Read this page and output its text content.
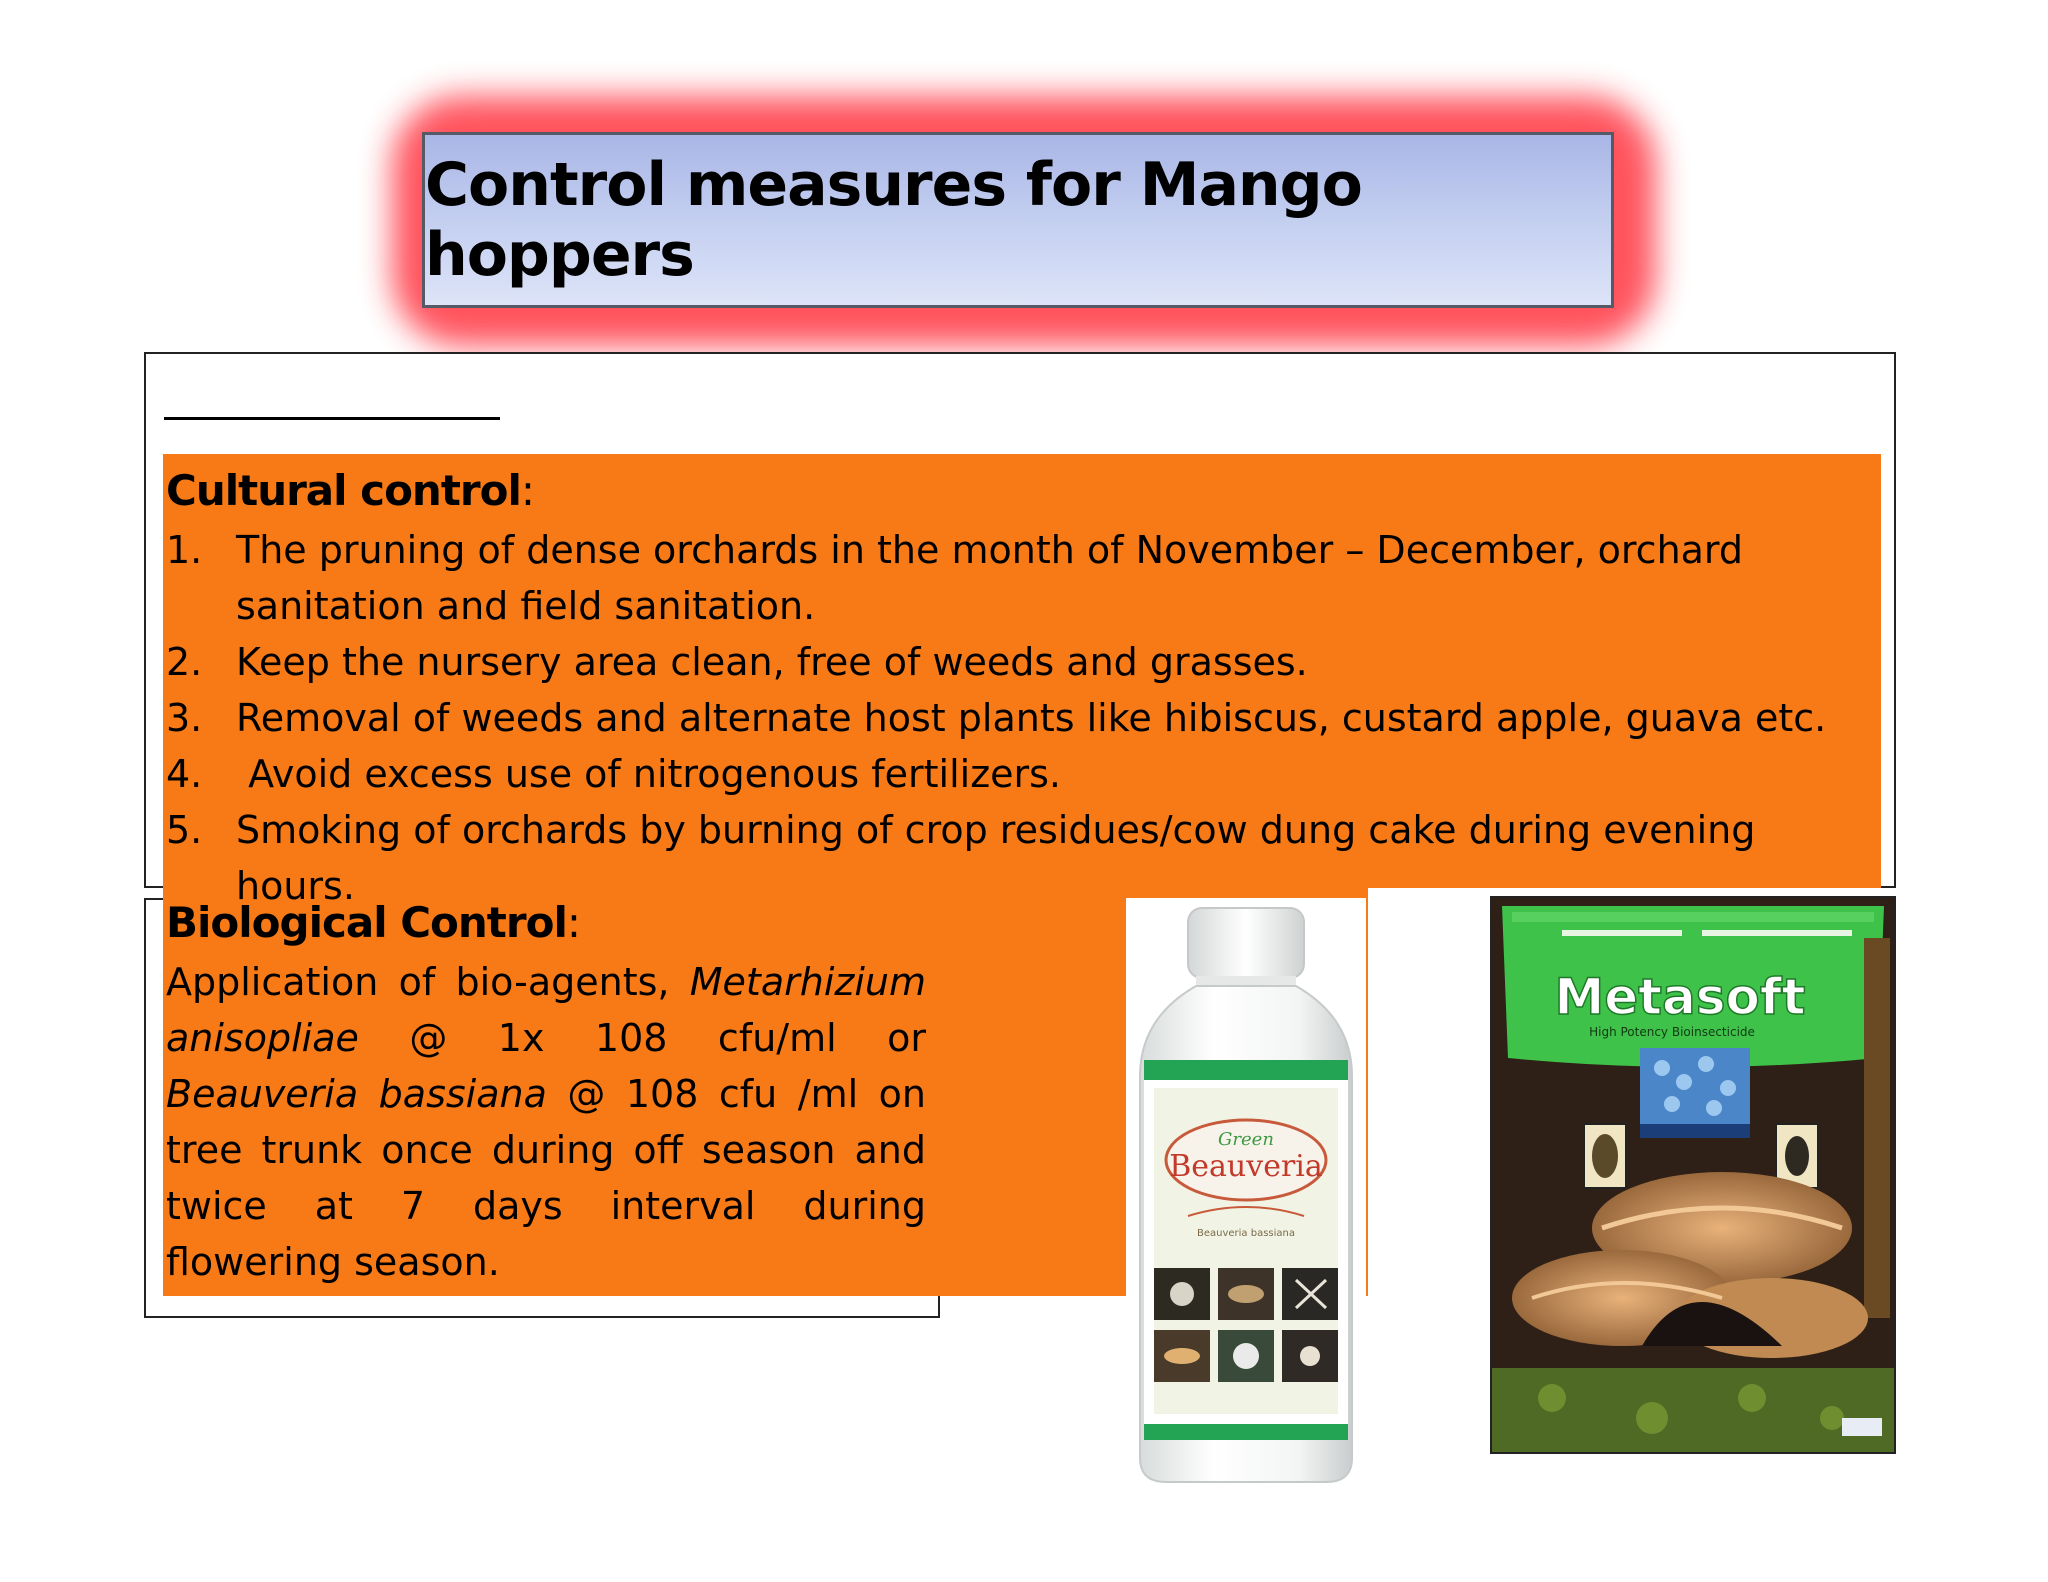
Control measures for Mango hoppers
Cultural control:
1. The pruning of dense orchards in the month of November – December, orchard sanitation and field sanitation.
2. Keep the nursery area clean, free of weeds and grasses.
3. Removal of weeds and alternate host plants like hibiscus, custard apple, guava etc.
4. Avoid excess use of nitrogenous fertilizers.
5. Smoking of orchards by burning of crop residues/cow dung cake during evening hours.
Biological Control:
Application of bio-agents, Metarhizium anisopliae @ 1x 108 cfu/ml or Beauveria bassiana @ 108 cfu /ml on tree trunk once during off season and twice at 7 days interval during flowering season.
Green
Beauveria
Beauveria bassiana
Metasoft
High Potency Bioinsecticide
